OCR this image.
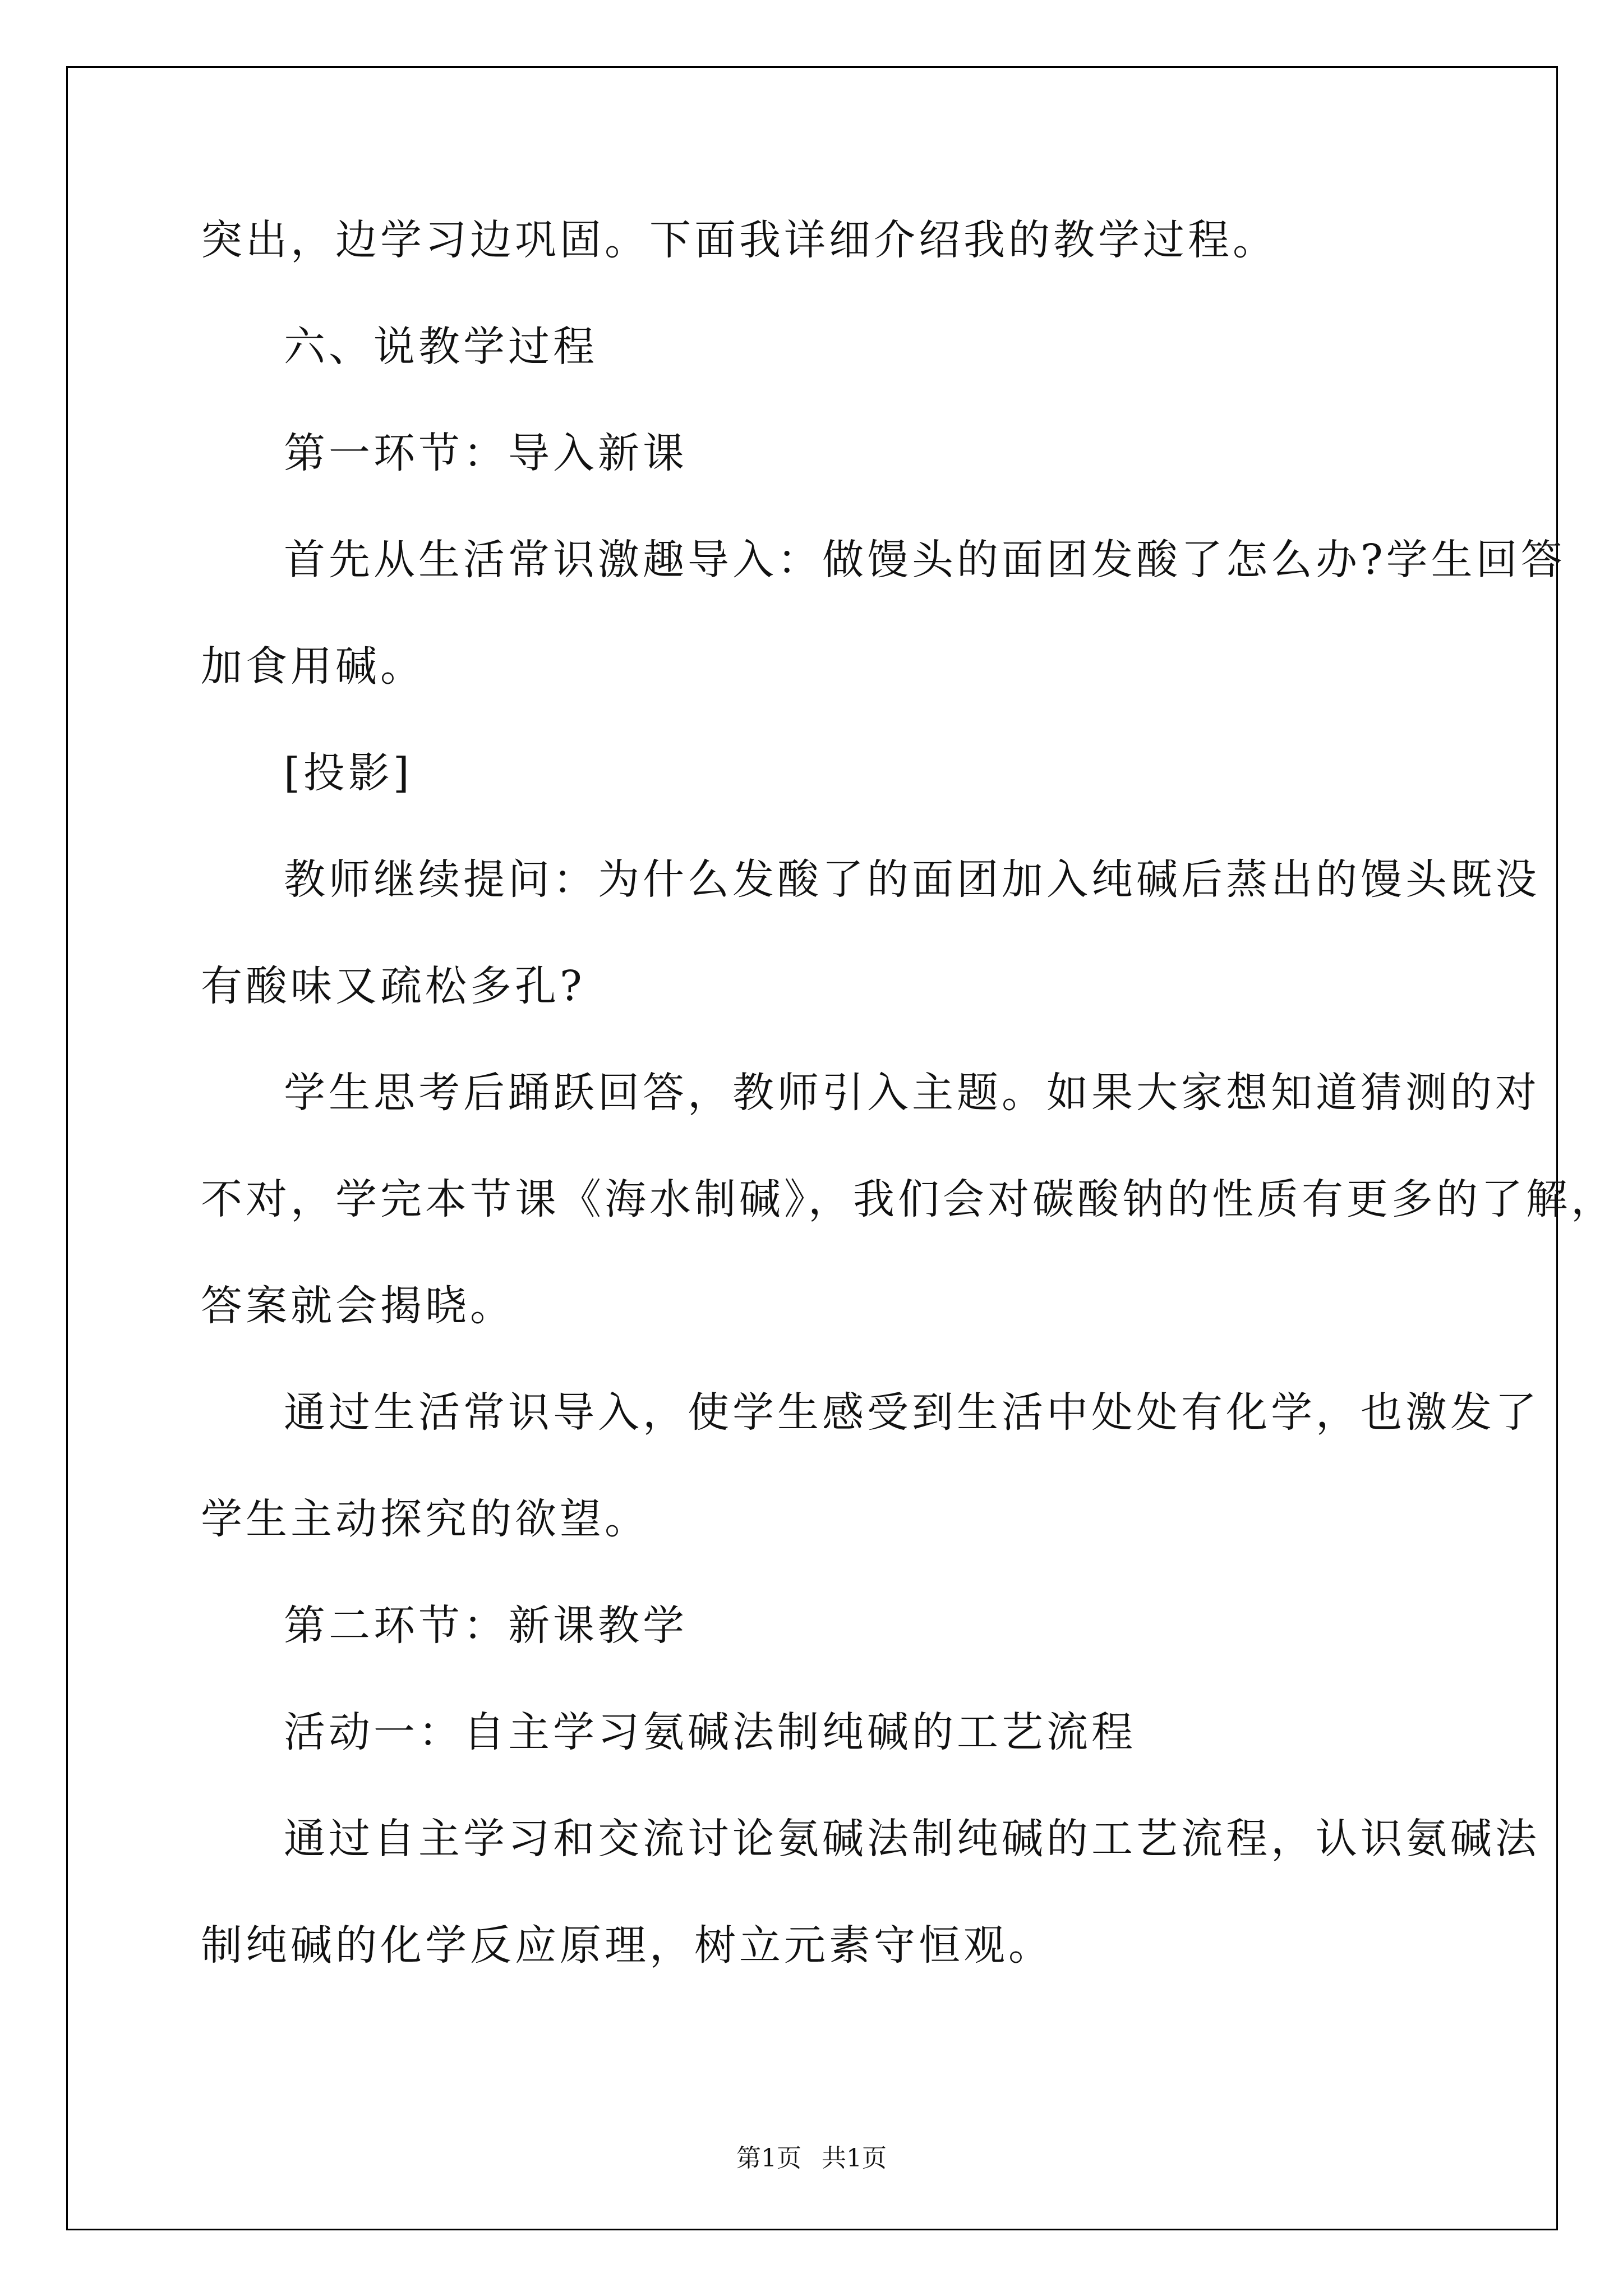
突出，边学习边巩固。下面我详细介绍我的教学过程。
六、说教学过程
第一环节：导入新课
首先从生活常识激趣导入：做馒头的面团发酸了怎么办?学生回答
加食用碱。
[投影]
教师继续提问：为什么发酸了的面团加入纯碱后蒸出的馒头既没
有酸味又疏松多孔?
学生思考后踊跃回答，教师引入主题。如果大家想知道猜测的对
不对，学完本节课《海水制碱》，我们会对碳酸钠的性质有更多的了解，
答案就会揭晓。
通过生活常识导入，使学生感受到生活中处处有化学，也激发了
学生主动探究的欲望。
第二环节：新课教学
活动一：自主学习氨碱法制纯碱的工艺流程
通过自主学习和交流讨论氨碱法制纯碱的工艺流程，认识氨碱法
制纯碱的化学反应原理，树立元素守恒观。
第1页 共1页
